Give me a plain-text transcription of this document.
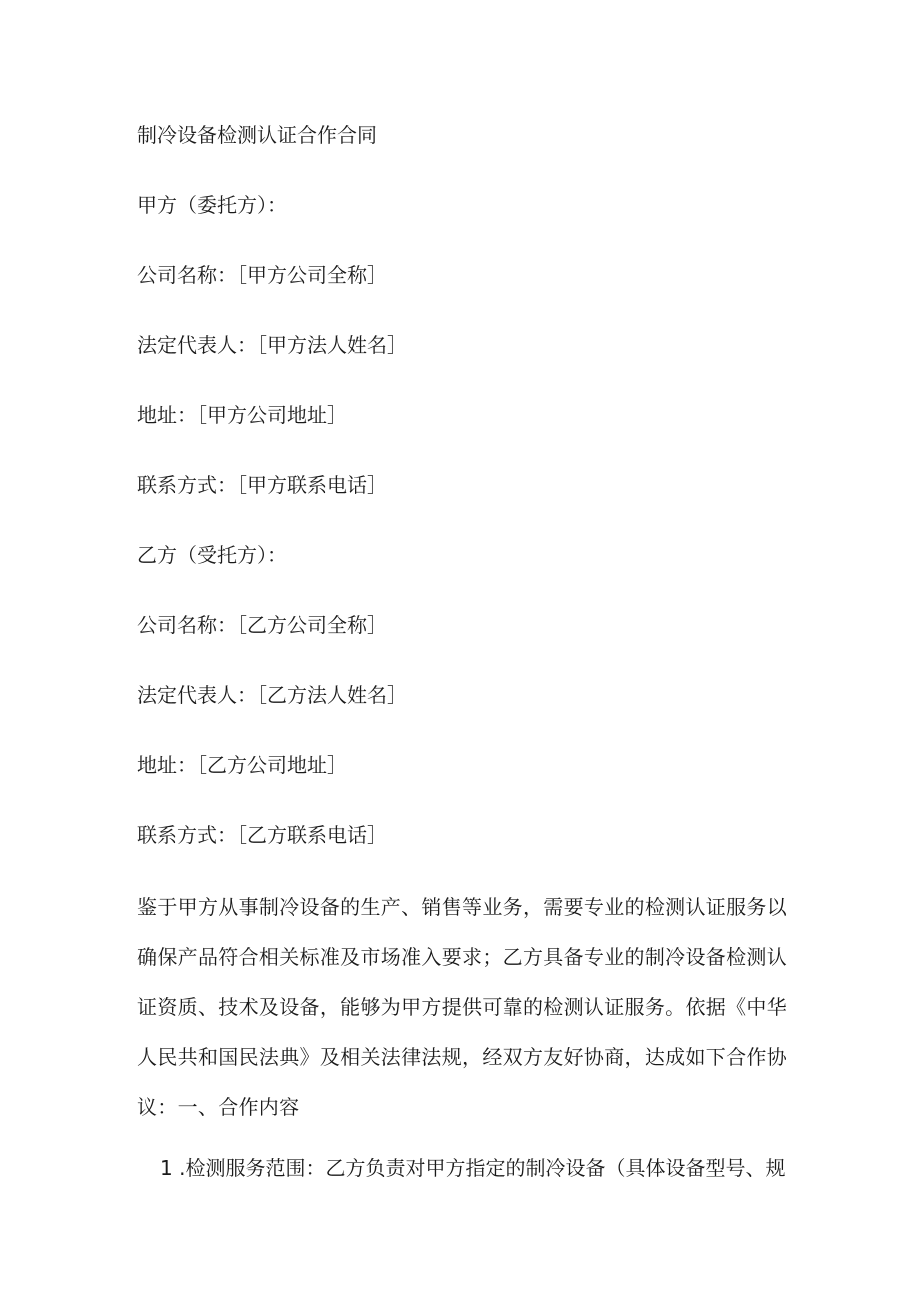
制冷设备检测认证合作合同
甲方（委托方）：
公司名称：［甲方公司全称］
法定代表人：［甲方法人姓名］
地址：［甲方公司地址］
联系方式：［甲方联系电话］
乙方（受托方）：
公司名称：［乙方公司全称］
法定代表人：［乙方法人姓名］
地址：［乙方公司地址］
联系方式：［乙方联系电话］
鉴于甲方从事制冷设备的生产、销售等业务，需要专业的检测认证服务以确保产品符合相关标准及市场准入要求；乙方具备专业的制冷设备检测认证资质、技术及设备，能够为甲方提供可靠的检测认证服务。依据《中华人民共和国民法典》及相关法律法规，经双方友好协商，达成如下合作协议：一、合作内容
1 .检测服务范围：乙方负责对甲方指定的制冷设备（具体设备型号、规
